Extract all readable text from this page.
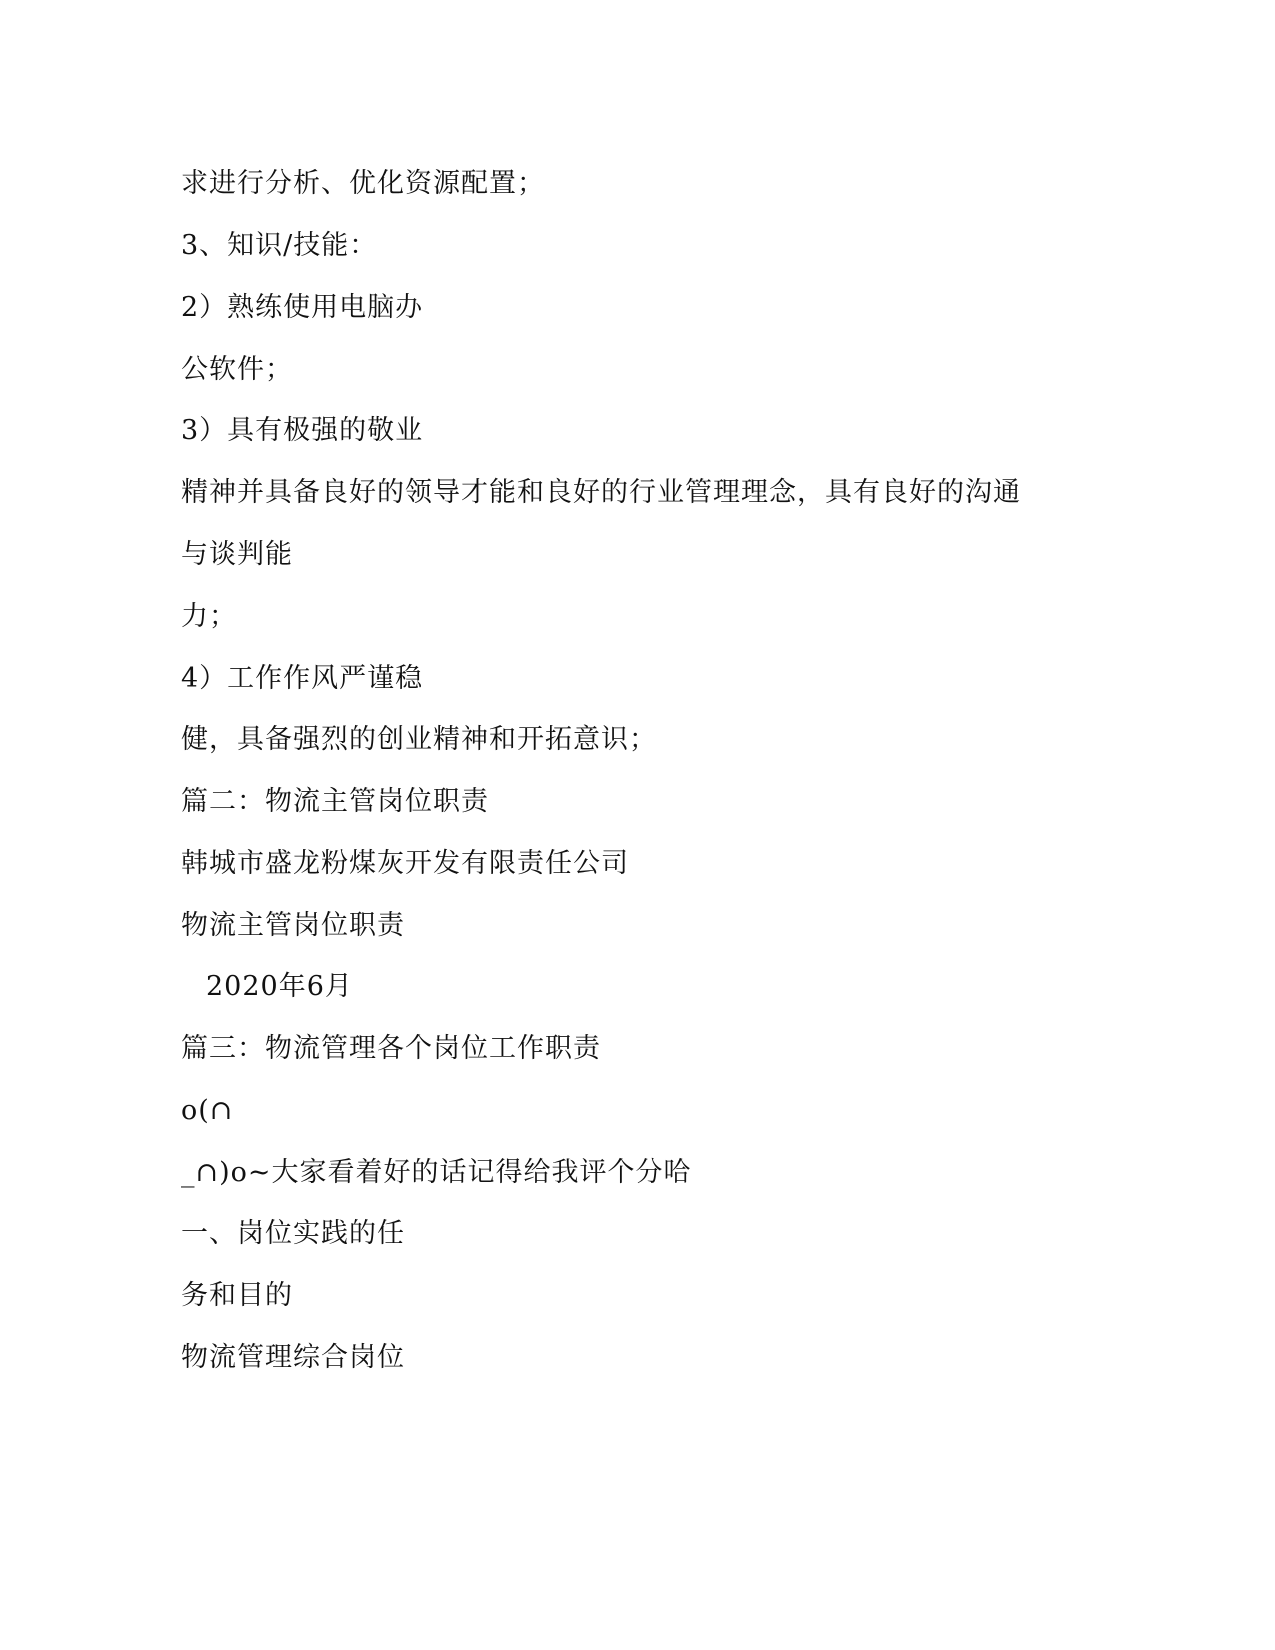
求进行分析、优化资源配置；
3、知识/技能：
2）熟练使用电脑办
公软件；
3）具有极强的敬业
精神并具备良好的领导才能和良好的行业管理理念，具有良好的沟通
与谈判能
力；
4）工作作风严谨稳
健，具备强烈的创业精神和开拓意识；
篇二：物流主管岗位职责
韩城市盛龙粉煤灰开发有限责任公司
物流主管岗位职责
2020年6月
篇三：物流管理各个岗位工作职责
o(∩
_∩)o~大家看着好的话记得给我评个分哈
一、岗位实践的任
务和目的
物流管理综合岗位
